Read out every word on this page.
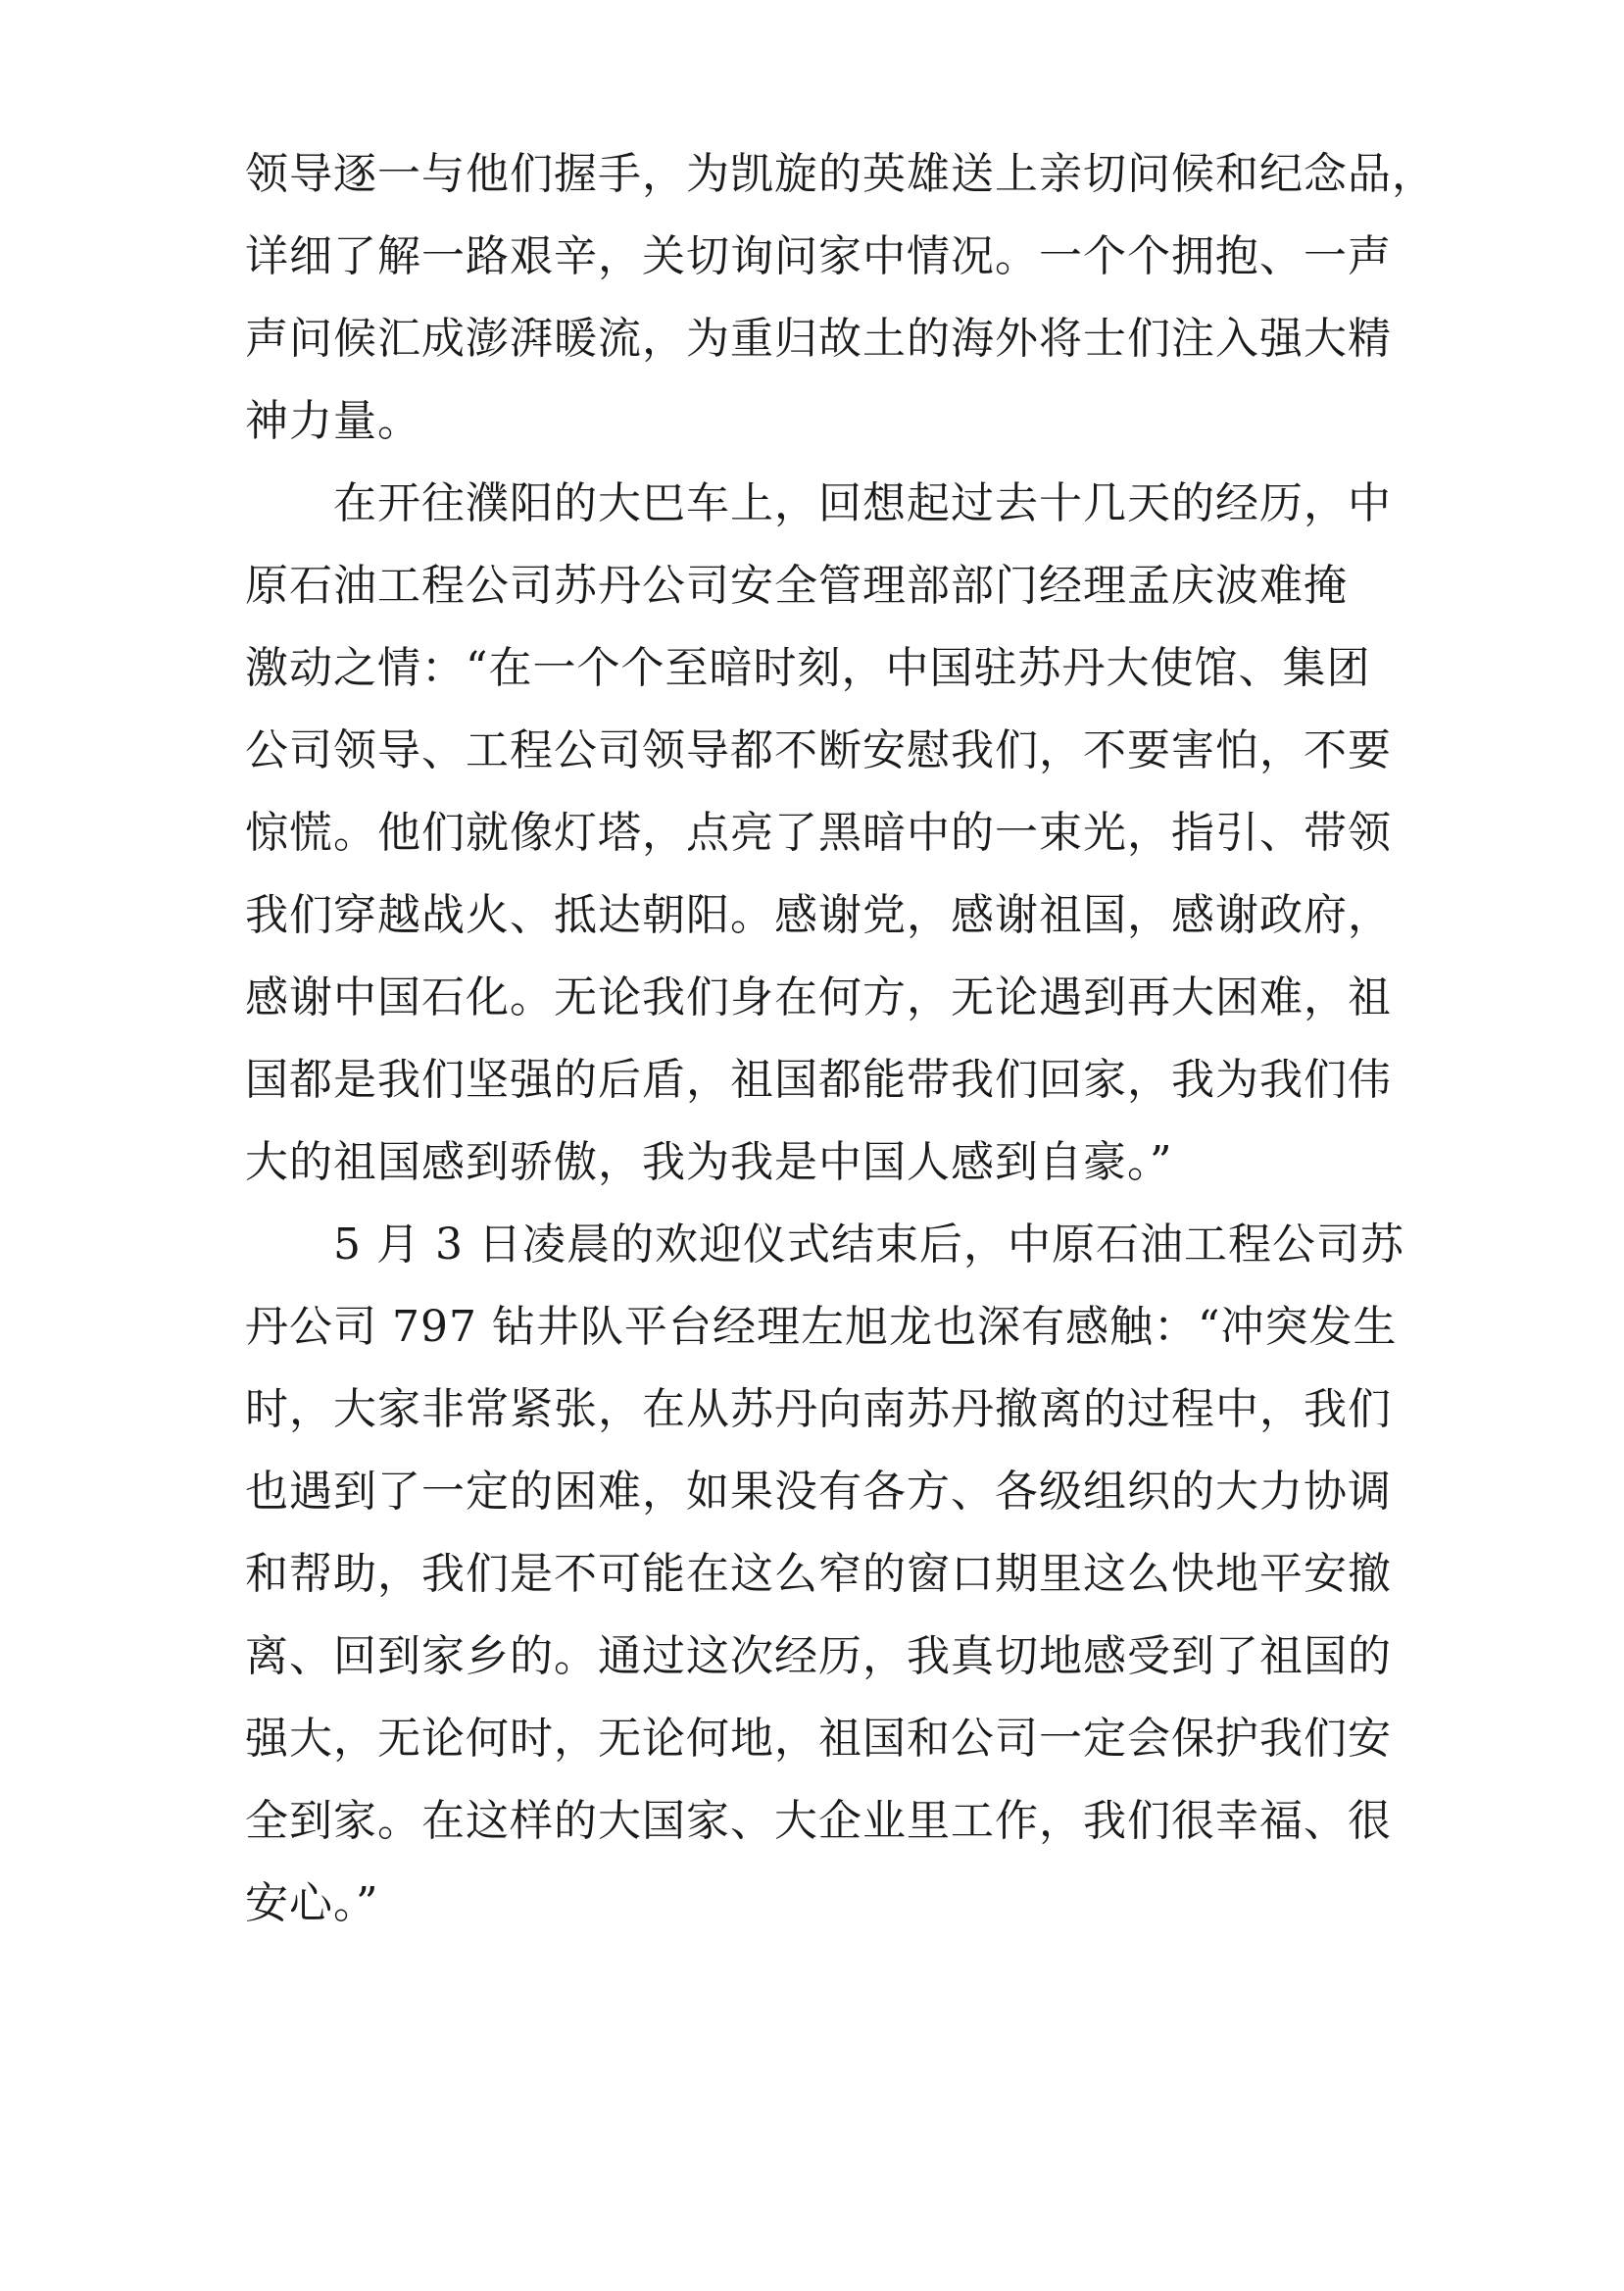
领导逐一与他们握手，为凯旋的英雄送上亲切问候和纪念品，
详细了解一路艰辛，关切询问家中情况。一个个拥抱、一声
声问候汇成澎湃暖流，为重归故土的海外将士们注入强大精
神力量。
在开往濮阳的大巴车上，回想起过去十几天的经历，中
原石油工程公司苏丹公司安全管理部部门经理孟庆波难掩
激动之情：“在一个个至暗时刻，中国驻苏丹大使馆、集团
公司领导、工程公司领导都不断安慰我们，不要害怕，不要
惊慌。他们就像灯塔，点亮了黑暗中的一束光，指引、带领
我们穿越战火、抵达朝阳。感谢党，感谢祖国，感谢政府，
感谢中国石化。无论我们身在何方，无论遇到再大困难，祖
国都是我们坚强的后盾，祖国都能带我们回家，我为我们伟
大的祖国感到骄傲，我为我是中国人感到自豪。”
5 月 3 日凌晨的欢迎仪式结束后，中原石油工程公司苏
丹公司 797 钻井队平台经理左旭龙也深有感触：“冲突发生
时，大家非常紧张，在从苏丹向南苏丹撤离的过程中，我们
也遇到了一定的困难，如果没有各方、各级组织的大力协调
和帮助，我们是不可能在这么窄的窗口期里这么快地平安撤
离、回到家乡的。通过这次经历，我真切地感受到了祖国的
强大，无论何时，无论何地，祖国和公司一定会保护我们安
全到家。在这样的大国家、大企业里工作，我们很幸福、很
安心。”
